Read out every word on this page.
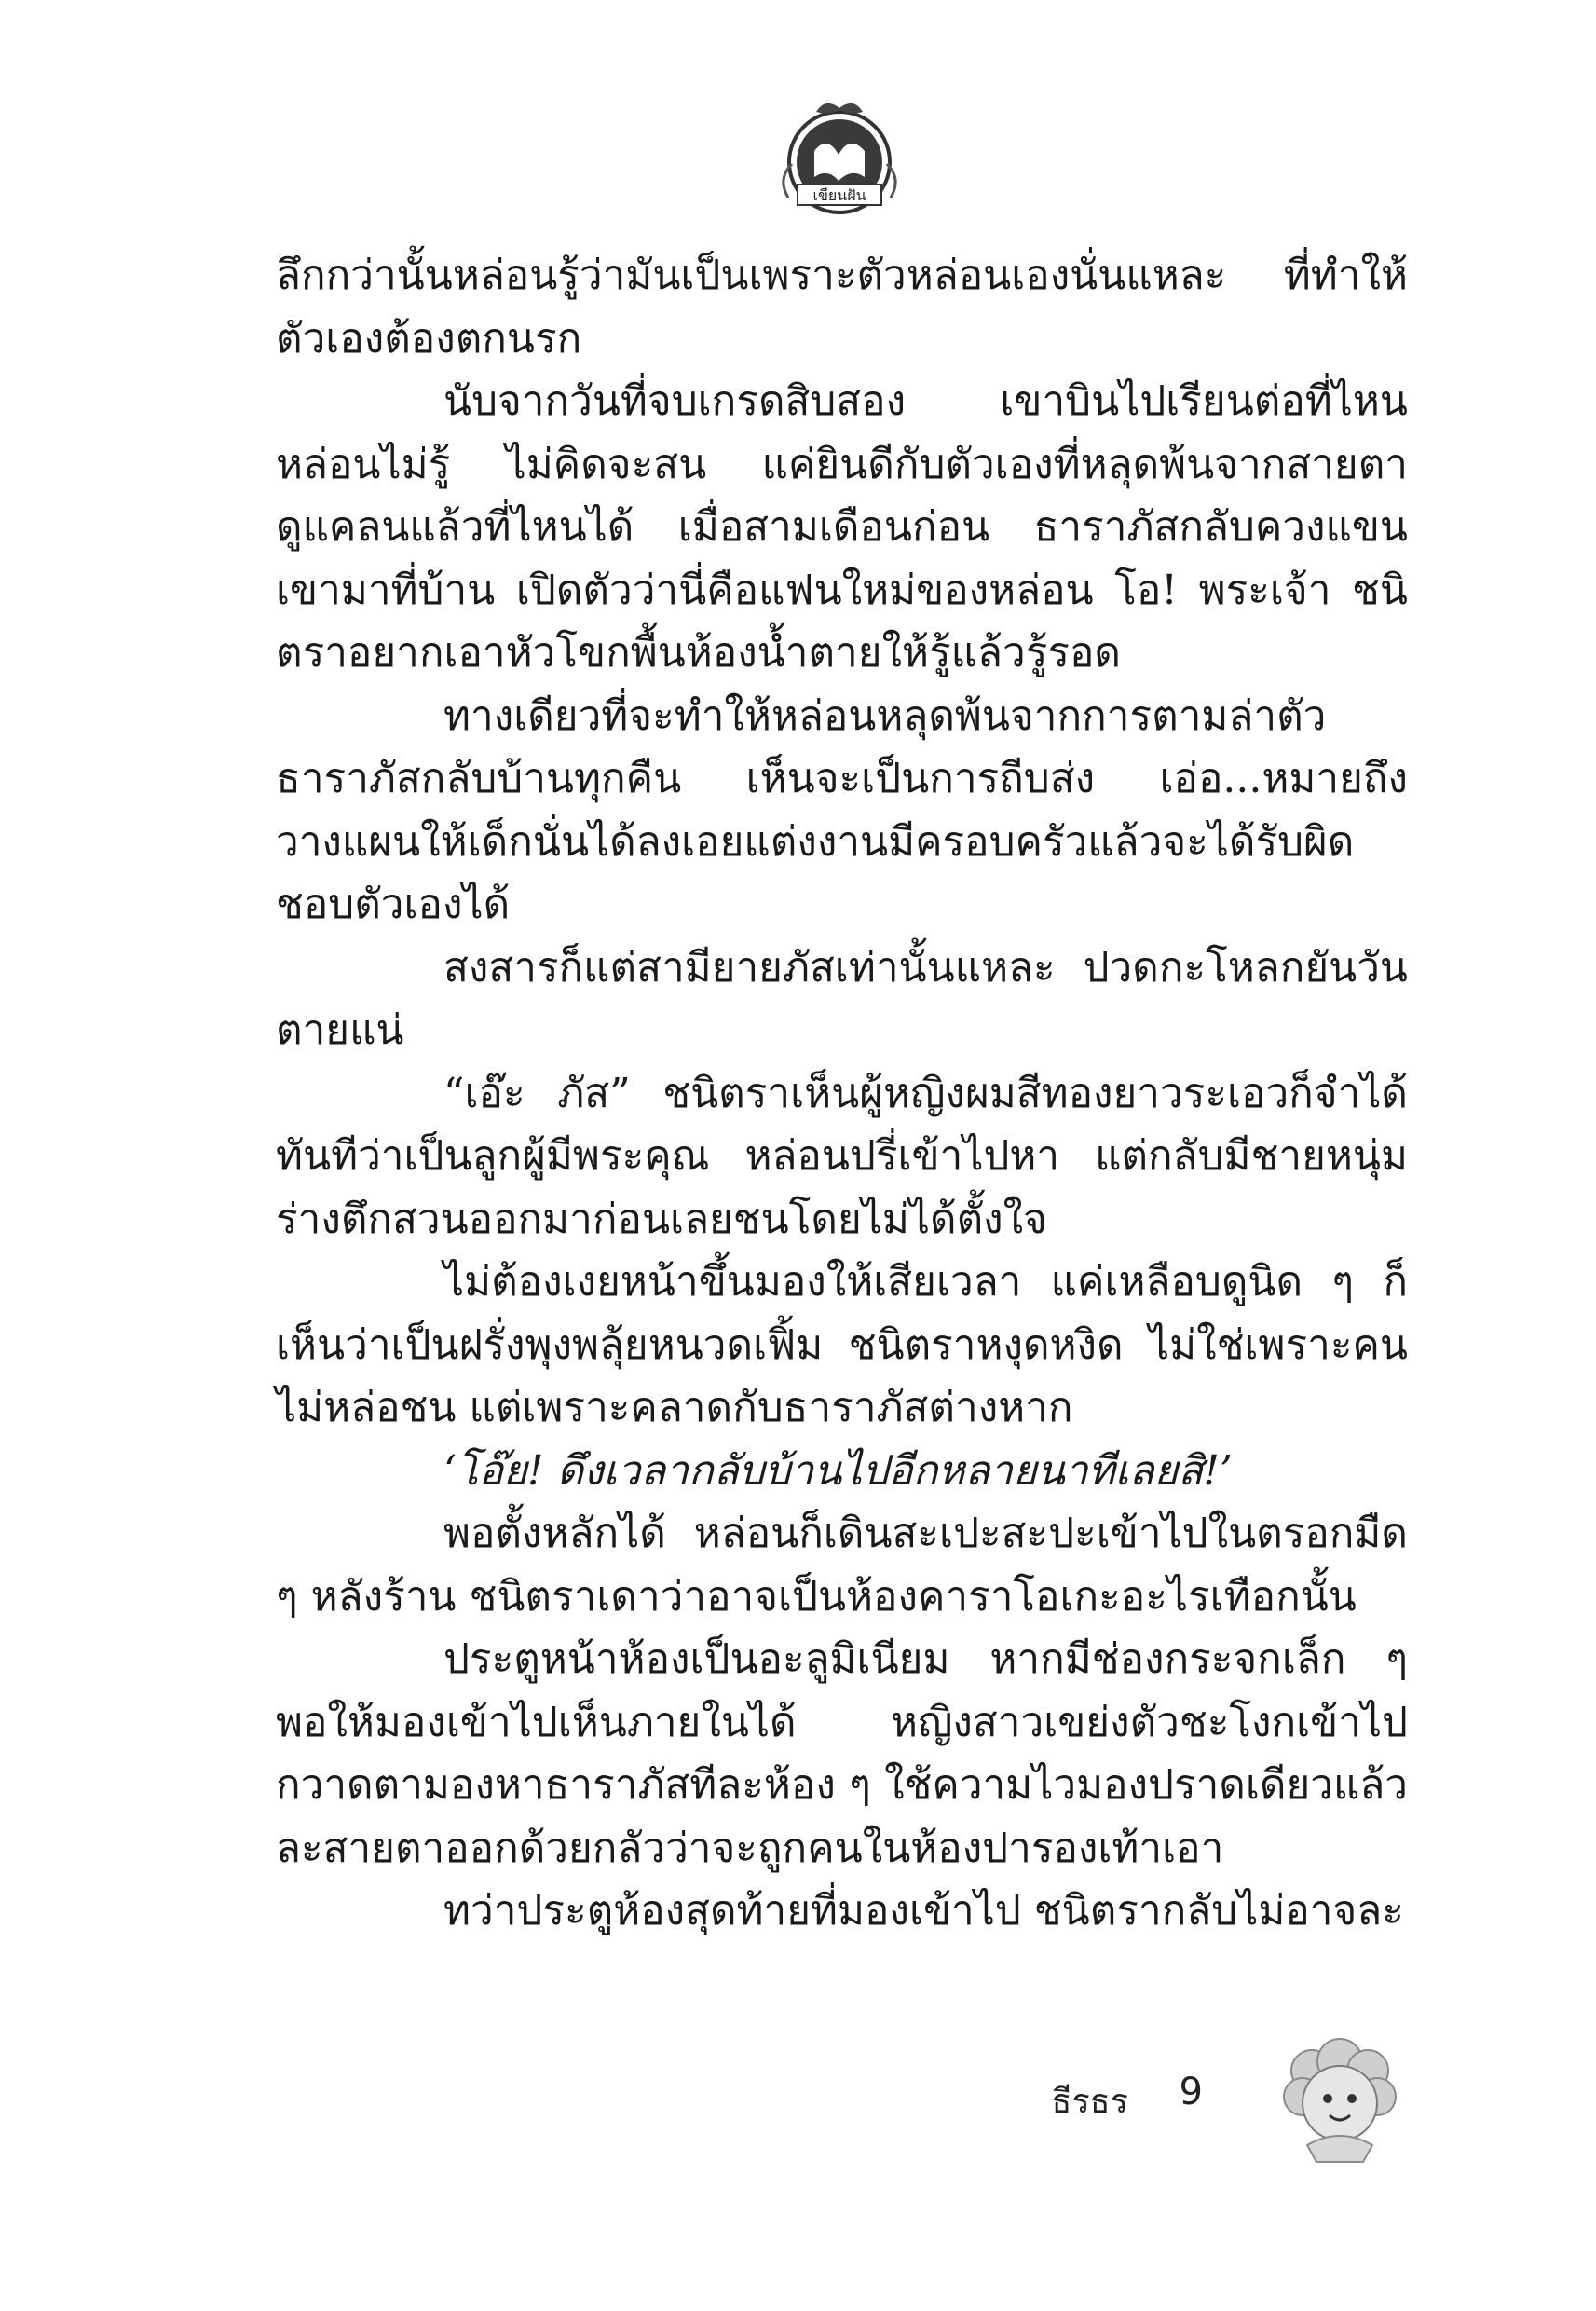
เขียนฝัน

ลึกกว่านั้นหล่อนรู้ว่ามันเป็นเพราะตัวหล่อนเองนั่นแหละ ที่ทำให้ตัวเองต้องตกนรก

นับจากวันที่จบเกรดสิบสอง เขาบินไปเรียนต่อที่ไหนหล่อนไม่รู้ ไม่คิดจะสน แค่ยินดีกับตัวเองที่หลุดพ้นจากสายตาดูแคลนแล้วที่ไหนได้ เมื่อสามเดือนก่อน ธาราภัสกลับควงแขนเขามาที่บ้าน เปิดตัวว่านี่คือแฟนใหม่ของหล่อน โอ! พระเจ้า ชนิตราอยากเอาหัวโขกพื้นห้องน้ำตายให้รู้แล้วรู้รอด

ทางเดียวที่จะทำให้หล่อนหลุดพ้นจากการตามล่าตัวธาราภัสกลับบ้านทุกคืน เห็นจะเป็นการถีบส่ง เอ่อ...หมายถึงวางแผนให้เด็กนั่นได้ลงเอยแต่งงานมีครอบครัวแล้วจะได้รับผิดชอบตัวเองได้

สงสารก็แต่สามียายภัสเท่านั้นแหละ ปวดกะโหลกยันวันตายแน่

“เอ๊ะ ภัส” ชนิตราเห็นผู้หญิงผมสีทองยาวระเอวก็จำได้ทันทีว่าเป็นลูกผู้มีพระคุณ หล่อนปรี่เข้าไปหา แต่กลับมีชายหนุ่มร่างตึกสวนออกมาก่อนเลยชนโดยไม่ได้ตั้งใจ

ไม่ต้องเงยหน้าขึ้นมองให้เสียเวลา แค่เหลือบดูนิด ๆ ก็เห็นว่าเป็นฝรั่งพุงพลุ้ยหนวดเฟิ้ม ชนิตราหงุดหงิด ไม่ใช่เพราะคนไม่หล่อชน แต่เพราะคลาดกับธาราภัสต่างหาก

‘โอ๊ย! ดึงเวลากลับบ้านไปอีกหลายนาทีเลยสิ!’

พอตั้งหลักได้ หล่อนก็เดินสะเปะสะปะเข้าไปในตรอกมืด ๆ หลังร้าน ชนิตราเดาว่าอาจเป็นห้องคาราโอเกะอะไรเทือกนั้น

ประตูหน้าห้องเป็นอะลูมิเนียม หากมีช่องกระจกเล็ก ๆ พอให้มองเข้าไปเห็นภายในได้ หญิงสาวเขย่งตัวชะโงกเข้าไปกวาดตามองหาธาราภัสทีละห้อง ๆ ใช้ความไวมองปราดเดียวแล้วละสายตาออกด้วยกลัวว่าจะถูกคนในห้องปารองเท้าเอา

ทว่าประตูห้องสุดท้ายที่มองเข้าไป ชนิตรากลับไม่อาจละ

ธีรธร 9
